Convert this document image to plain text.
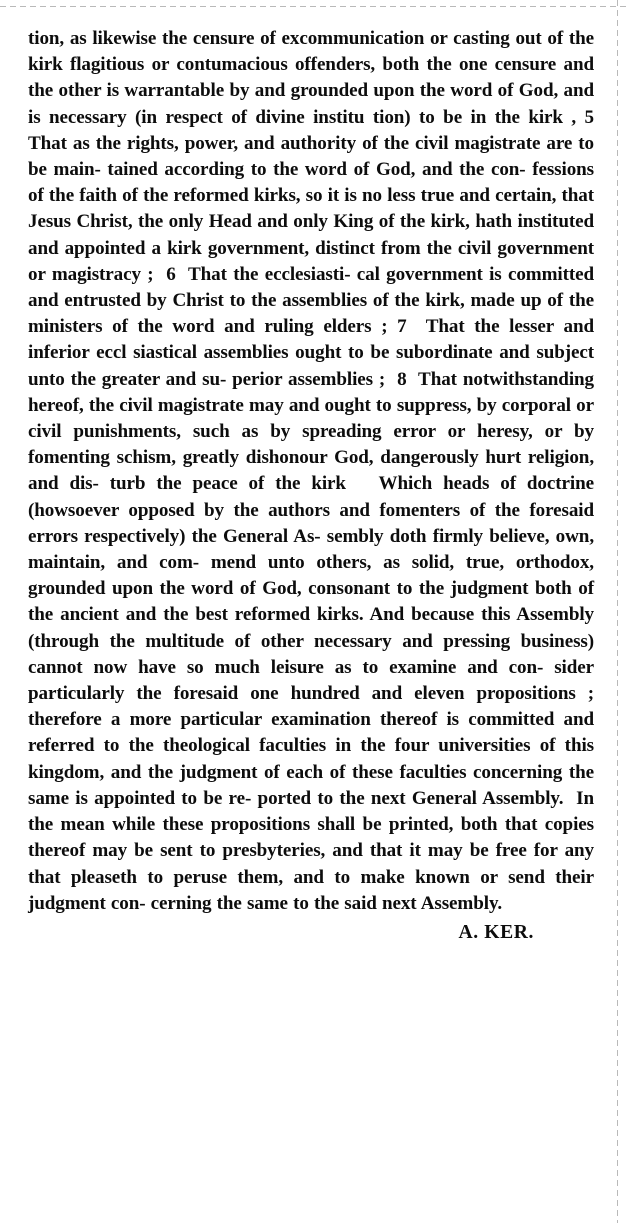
tion, as likewise the censure of excommunication or casting out of the kirk flagitious or contumacious offenders, both the one censure and the other is warrantable by and grounded upon the word of God, and is necessary (in respect of divine institu tion) to be in the kirk , 5  That as the rights, power, and authority of the civil magistrate are to be main- tained according to the word of God, and the con- fessions of the faith of the reformed kirks, so it is no less true and certain, that Jesus Christ, the only Head and only King of the kirk, hath instituted and appointed a kirk government, distinct from the civil government or magistracy ;  6  That the ecclesiasti- cal government is committed and entrusted by Christ to the assemblies of the kirk, made up of the ministers of the word and ruling elders ; 7  That the lesser and inferior eccl siastical assemblies ought to be subordinate and subject unto the greater and su- perior assemblies ;  8  That notwithstanding hereof, the civil magistrate may and ought to suppress, by corporal or civil punishments, such as by spreading error or heresy, or by fomenting schism, greatly dishonour God, dangerously hurt religion, and dis- turb the peace of the kirk   Which heads of doctrine (howsoever opposed by the authors and fomenters of the foresaid errors respectively) the General As- sembly doth firmly believe, own, maintain, and com- mend unto others, as solid, true, orthodox, grounded upon the word of God, consonant to the judgment both of the ancient and the best reformed kirks. And because this Assembly (through the multitude of other necessary and pressing business) cannot now have so much leisure as to examine and con- sider particularly the foresaid one hundred and eleven propositions ; therefore a more particular examination thereof is committed and referred to the theological faculties in the four universities of this kingdom, and the judgment of each of these faculties concerning the same is appointed to be re- ported to the next General Assembly.  In the mean while these propositions shall be printed, both that copies thereof may be sent to presbyteries, and that it may be free for any that pleaseth to peruse them, and to make known or send their judgment con- cerning the same to the said next Assembly.
A. KER.
